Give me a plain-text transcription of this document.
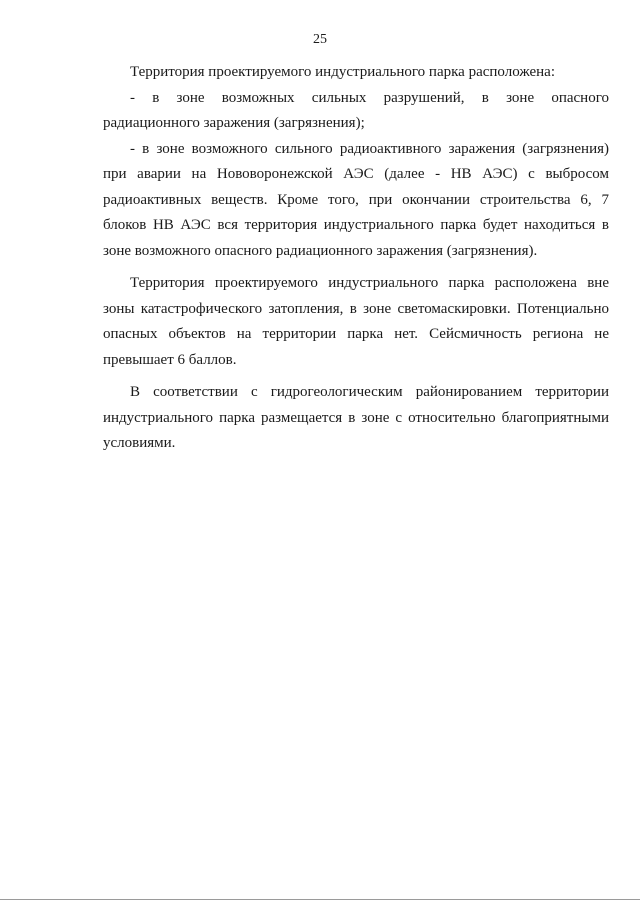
25
Территория проектируемого индустриального парка расположена:
- в зоне возможных сильных разрушений, в зоне опасного
радиационного заражения (загрязнения);
- в зоне возможного сильного радиоактивного заражения (загрязнения)
при аварии на Нововоронежской АЭС (далее - НВ АЭС) с выбросом
радиоактивных веществ. Кроме того, при окончании строительства 6, 7
блоков НВ АЭС вся территория индустриального парка будет находиться в
зоне возможного опасного радиационного заражения (загрязнения).
Территория проектируемого индустриального парка расположена вне
зоны катастрофического затопления, в зоне светомаскировки. Потенциально
опасных объектов на территории парка нет. Сейсмичность региона не
превышает 6 баллов.
В соответствии с гидрогеологическим районированием территории
индустриального парка размещается в зоне с относительно благоприятными
условиями.
